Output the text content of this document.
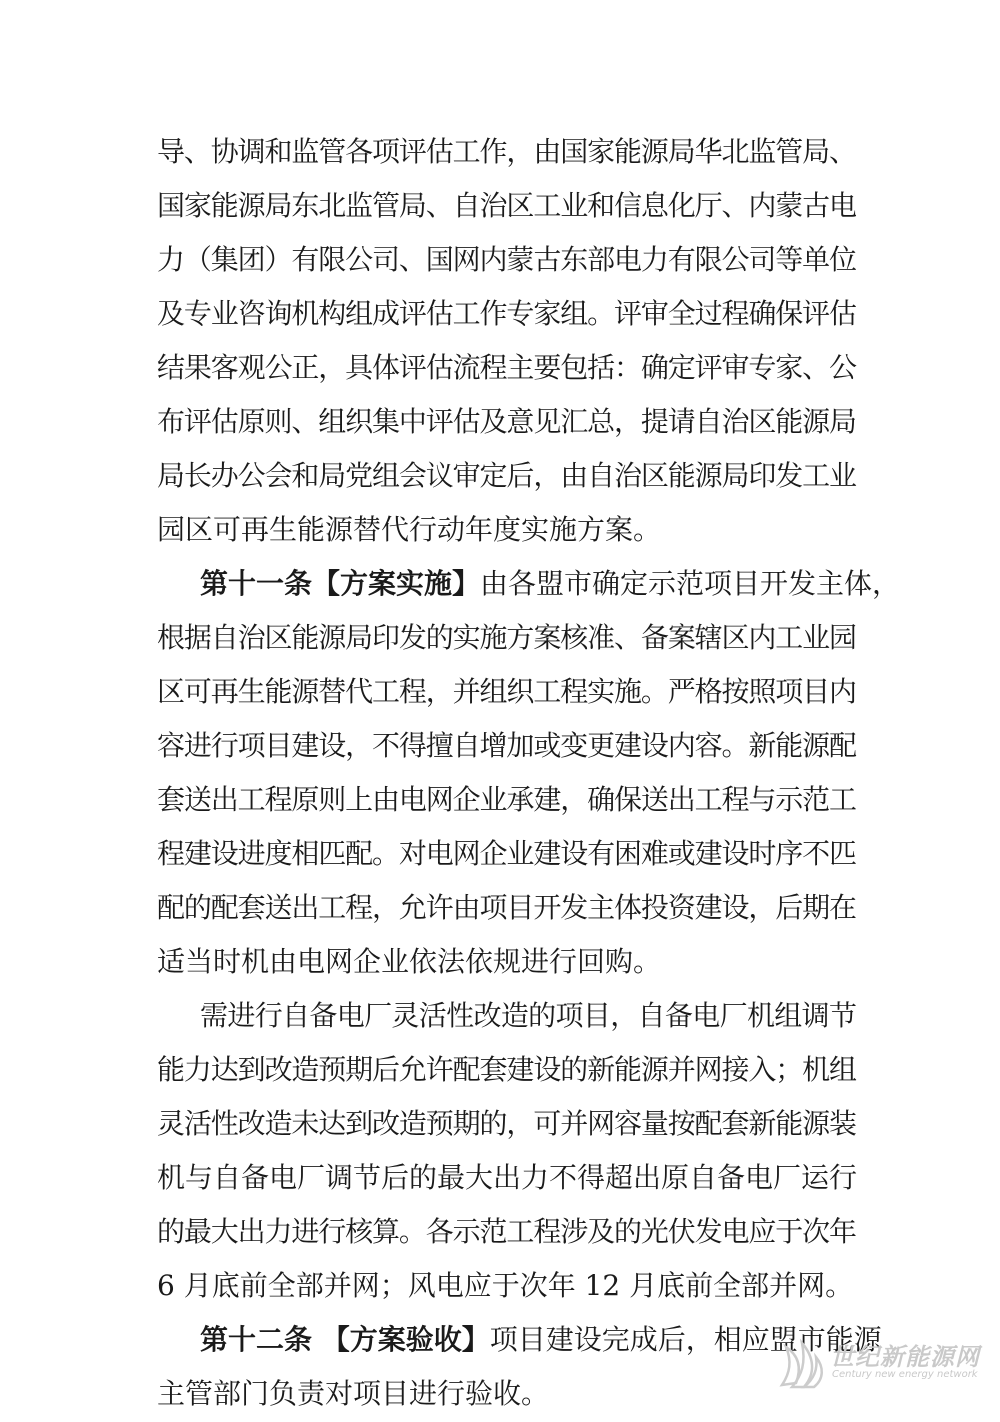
导、协调和监管各项评估工作，由国家能源局华北监管局、
国家能源局东北监管局、自治区工业和信息化厅、内蒙古电
力（集团）有限公司、国网内蒙古东部电力有限公司等单位
及专业咨询机构组成评估工作专家组。评审全过程确保评估
结果客观公正，具体评估流程主要包括：确定评审专家、公
布评估原则、组织集中评估及意见汇总，提请自治区能源局
局长办公会和局党组会议审定后，由自治区能源局印发工业
园区可再生能源替代行动年度实施方案。
第十一条【方案实施】由各盟市确定示范项目开发主体，
根据自治区能源局印发的实施方案核准、备案辖区内工业园
区可再生能源替代工程，并组织工程实施。严格按照项目内
容进行项目建设，不得擅自增加或变更建设内容。新能源配
套送出工程原则上由电网企业承建，确保送出工程与示范工
程建设进度相匹配。对电网企业建设有困难或建设时序不匹
配的配套送出工程，允许由项目开发主体投资建设，后期在
适当时机由电网企业依法依规进行回购。
需进行自备电厂灵活性改造的项目，自备电厂机组调节
能力达到改造预期后允许配套建设的新能源并网接入；机组
灵活性改造未达到改造预期的，可并网容量按配套新能源装
机与自备电厂调节后的最大出力不得超出原自备电厂运行
的最大出力进行核算。各示范工程涉及的光伏发电应于次年
6 月底前全部并网；风电应于次年 12 月底前全部并网。
第十二条 【方案验收】项目建设完成后，相应盟市能源
主管部门负责对项目进行验收。
世纪新能源网
Century new energy network
